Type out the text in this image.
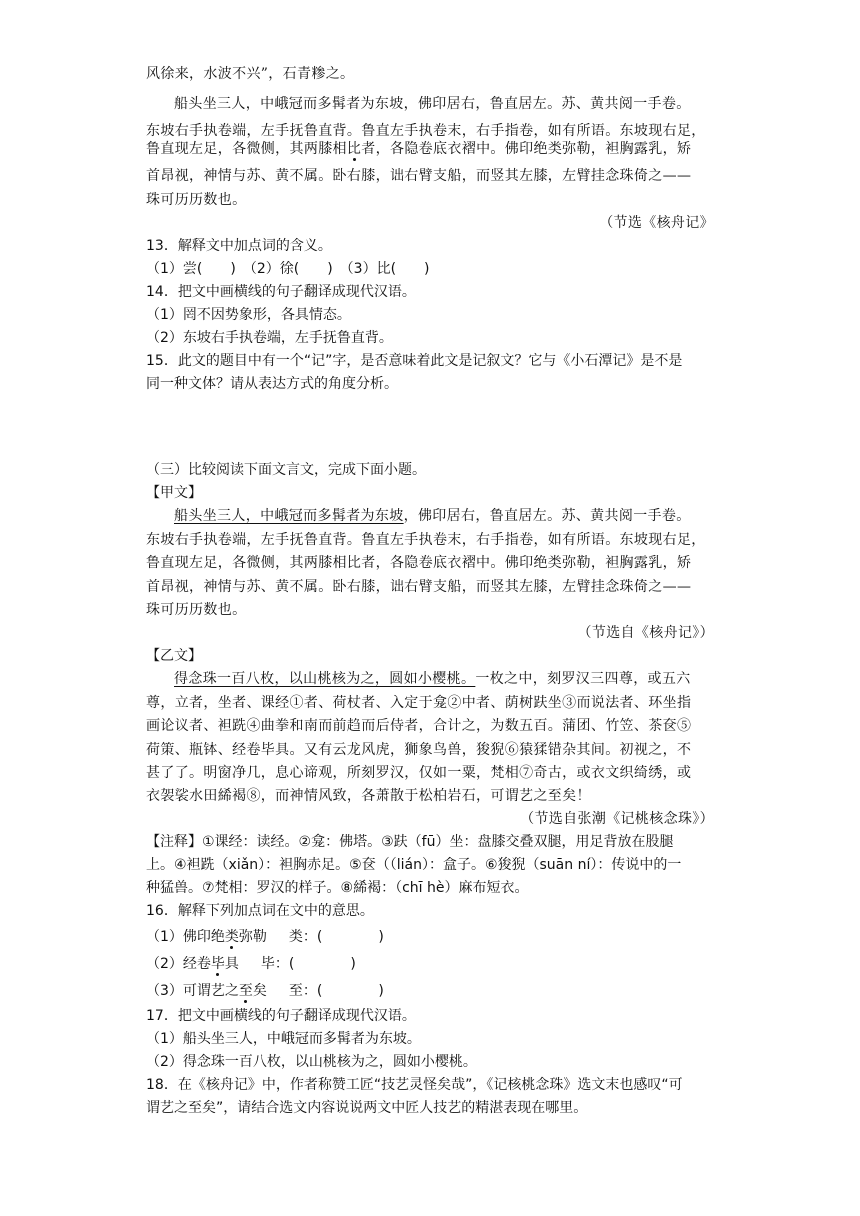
风徐来，水波不兴”，石青糁之。
船头坐三人，中峨冠而多髯者为东坡，佛印居右，鲁直居左。苏、黄共阅一手卷。
东坡右手执卷端，左手抚鲁直背。鲁直左手执卷末，右手指卷，如有所语。东坡现右足，
鲁直现左足，各微侧，其两膝相比者，各隐卷底衣褶中。佛印绝类弥勒，袒胸露乳，矫
首昂视，神情与苏、黄不属。卧右膝，诎右臂支船，而竖其左膝，左臂挂念珠倚之——
珠可历历数也。
（节选《核舟记》
13．解释文中加点词的含义。
（1）尝(　　)　（2）徐(　　)　（3）比(　　)
14．把文中画横线的句子翻译成现代汉语。
（1）罔不因势象形，各具情态。
（2）东坡右手执卷端，左手抚鲁直背。
15．此文的题目中有一个“记”字，是否意味着此文是记叙文？它与《小石潭记》是不是
同一种文体？请从表达方式的角度分析。
（三）比较阅读下面文言文，完成下面小题。
【甲文】
船头坐三人，中峨冠而多髯者为东坡，佛印居右，鲁直居左。苏、黄共阅一手卷。
东坡右手执卷端，左手抚鲁直背。鲁直左手执卷末，右手指卷，如有所语。东坡现右足，
鲁直现左足，各微侧，其两膝相比者，各隐卷底衣褶中。佛印绝类弥勒，袒胸露乳，矫
首昂视，神情与苏、黄不属。卧右膝，诎右臂支船，而竖其左膝，左臂挂念珠倚之——
珠可历历数也。
（节选自《核舟记》）
【乙文】
得念珠一百八枚，以山桃核为之，圆如小樱桃。一枚之中，刻罗汉三四尊，或五六
尊，立者，坐者、课经①者、荷杖者、入定于龛②中者、荫树趺坐③而说法者、环坐指
画论议者、袒跣④曲拳和南而前趋而后侍者，合计之，为数五百。蒲团、竹笠、茶奁⑤
荷策、瓶钵、经卷毕具。又有云龙风虎，狮象鸟兽，狻猊⑥猿猱错杂其间。初视之，不
甚了了。明窗净几，息心谛观，所刻罗汉，仅如一粟，梵相⑦奇古，或衣文织绮绣，或
衣袈裟水田絺褐⑧，而神情风致，各萧散于松柏岩石，可谓艺之至矣！
（节选自张潮《记桃核念珠》）
【注释】①课经：读经。②龛：佛塔。③趺（fū）坐：盘膝交叠双腿，用足背放在股腿
上。④袒跣（xiǎn）：袒胸赤足。⑤奁（（lián）：盒子。⑥狻猊（suān ní）：传说中的一
种猛兽。⑦梵相：罗汉的样子。⑧絺褐：（chī hè）麻布短衣。
16．解释下列加点词在文中的意思。
（1）佛印绝类弥勒 类：(　　　　)
（2）经卷毕具 毕：(　　　　)
（3）可谓艺之至矣 至：(　　　　)
17．把文中画横线的句子翻译成现代汉语。
（1）船头坐三人，中峨冠而多髯者为东坡。
（2）得念珠一百八枚，以山桃核为之，圆如小樱桃。
18．在《核舟记》中，作者称赞工匠“技艺灵怪矣哉”，《记核桃念珠》选文末也感叹“可
谓艺之至矣”，请结合选文内容说说两文中匠人技艺的精湛表现在哪里。
